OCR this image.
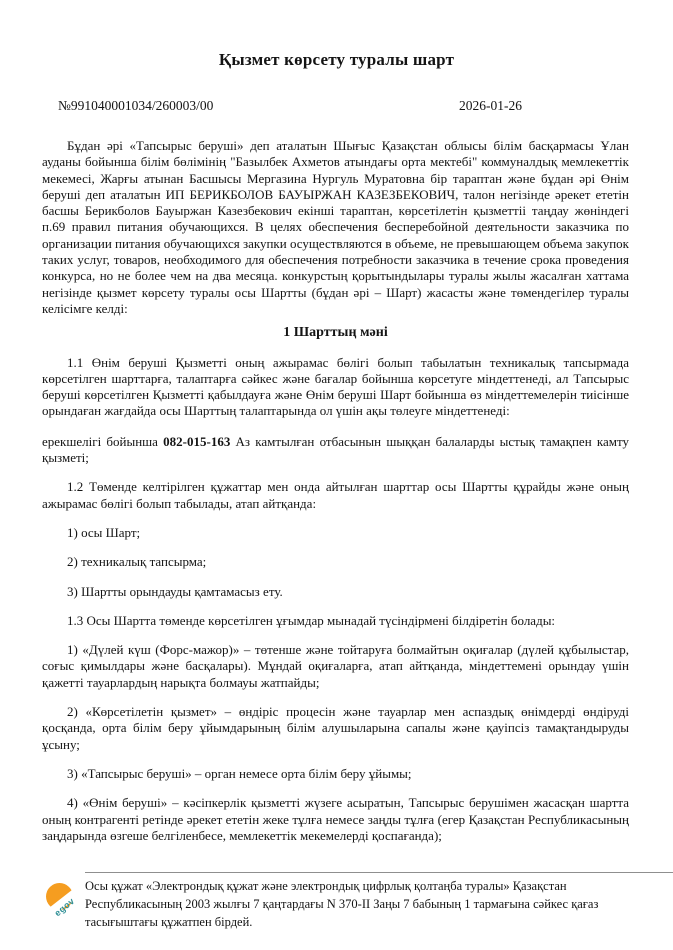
Қызмет көрсету туралы шарт
№991040001034/260003/00	2026-01-26

Бұдан әрі «Тапсырыс беруші» деп аталатын Шығыс Қазақстан облысы білім басқармасы Ұлан ауданы бойынша білім бөлімінің "Базылбек Ахметов атындағы орта мектебі" коммуналдық мемлекеттік мекемесі, Жарғы атынан Басшысы Мергазина Нургуль Муратовна бір тараптан және бұдан әрі Өнім беруші деп аталатын ИП БЕРИКБОЛОВ БАУЫРЖАН КАЗЕЗБЕКОВИЧ, талон негізінде әрекет ететін басшы Берикболов Бауыржан Казезбекович екінші тараптан, көрсетілетін қызметтіі таңдау жөніндегі п.69 правил питания обучающихся. В целях обеспечения бесперебойной деятельности заказчика по организации питания обучающихся закупки осуществляются в объеме, не превышающем объема закупок таких услуг, товаров, необходимого для обеспечения потребности заказчика в течение срока проведения конкурса, но не более чем на два месяца. конкурстың қорытындылары туралы жылы жасалған хаттама негізінде қызмет көрсету туралы осы Шартты (бұдан әрі – Шарт) жасасты және төмендегілер туралы келісімге келді:

1 Шарттың мәні

1.1 Өнім беруші Қызметті оның ажырамас бөлігі болып табылатын техникалық тапсырмада көрсетілген шарттарға, талаптарға сәйкес және бағалар бойынша көрсетуге міндеттенеді, ал Тапсырыс беруші көрсетілген Қызметті қабылдауға және Өнім беруші Шарт бойынша өз міндеттемелерін тиісінше орындаған жағдайда осы Шарттың талаптарында ол үшін ақы төлеуге міндеттенеді:

ерекшелігі бойынша 082-015-163 Аз камтылған отбасынын шыққан балаларды ыстық тамақпен камту қызметі;

1.2 Төменде келтірілген құжаттар мен онда айтылған шарттар осы Шартты құрайды және оның ажырамас бөлігі болып табылады, атап айтқанда:

1) осы Шарт;

2) техникалық тапсырма;

3) Шартты орындауды қамтамасыз ету.

1.3 Осы Шартта төменде көрсетілген ұғымдар мынадай түсіндірмені білдіретін болады:

1) «Дүлей күш (Форс-мажор)» – төтенше және тойтаруға болмайтын оқиғалар (дүлей құбылыстар, соғыс қимылдары және басқалары). Мұндай оқиғаларға, атап айтқанда, міндеттемені орындау үшін қажетті тауарлардың нарықта болмауы жатпайды;

2) «Көрсетілетін қызмет» – өндіріс процесін және тауарлар мен аспаздық өнімдерді өндіруді қосқанда, орта білім беру ұйымдарының білім алушыларына сапалы және қауіпсіз тамақтандыруды ұсыну;

3) «Тапсырыс беруші» – орган немесе орта білім беру ұйымы;

4) «Өнім беруші» – кәсіпкерлік қызметті жүзеге асыратын, Тапсырыс берушімен жасасқан шартта оның контрагенті ретінде әрекет ететін жеке тұлға немесе заңды тұлға (егер Қазақстан Республикасының заңдарында өзгеше белгіленбесе, мемлекеттік мекемелерді қоспағанда);

egov
Осы құжат «Электрондық құжат және электрондық цифрлық қолтаңба туралы» Қазақстан Республикасының 2003 жылғы 7 қаңтардағы N 370-II Заңы 7 бабының 1 тармағына сәйкес қағаз тасығыштағы құжатпен бірдей.
